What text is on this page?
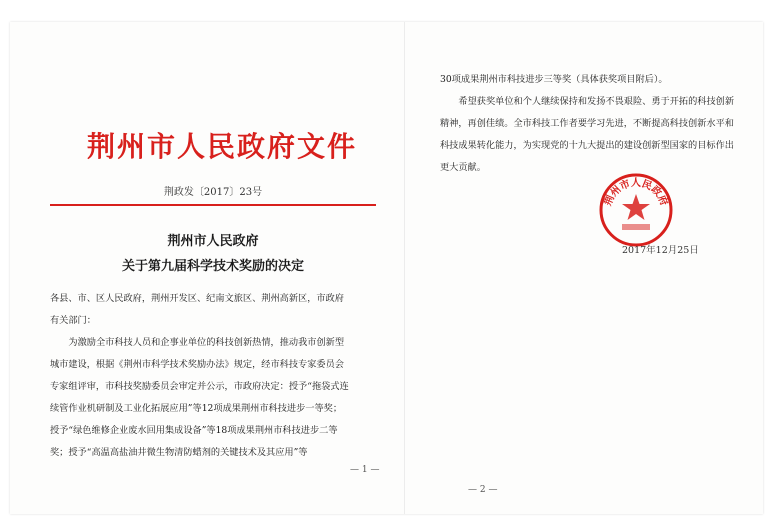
荆州市人民政府文件
荆政发〔2017〕23号
荆州市人民政府
关于第九届科学技术奖励的决定
各县、市、区人民政府，荆州开发区、纪南文旅区、荆州高新区，市政府有关部门：
为激励全市科技人员和企事业单位的科技创新热情，推动我市创新型城市建设，根据《荆州市科学技术奖励办法》规定，经市科技专家委员会专家组评审，市科技奖励委员会审定并公示，市政府决定：授予“拖袋式连续管作业机研制及工业化拓展应用”等12项成果荆州市科技进步一等奖；授予“绿色维修企业废水回用集成设备”等18项成果荆州市科技进步二等奖；授予“高温高盐油井微生物清防蜡剂的关键技术及其应用”等
— 1 —
30项成果荆州市科技进步三等奖（具体获奖项目附后）。
希望获奖单位和个人继续保持和发扬不畏艰险、勇于开拓的科技创新精神，再创佳绩。全市科技工作者要学习先进，不断提高科技创新水平和科技成果转化能力，为实现党的十九大提出的建设创新型国家的目标作出更大贡献。
荆州市人民政府
2017年12月25日
— 2 —
